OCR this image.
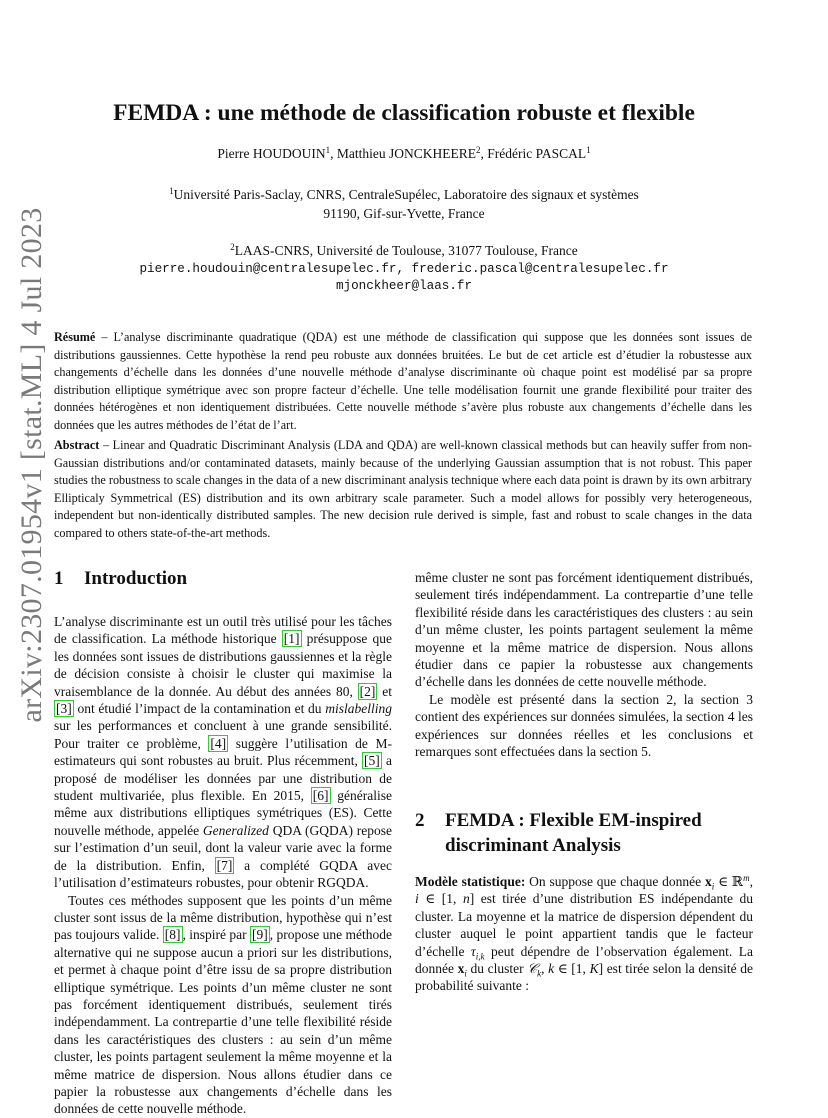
arXiv:2307.01954v1 [stat.ML] 4 Jul 2023
FEMDA : une méthode de classification robuste et flexible
Pierre HOUDOUIN$^1$, Matthieu JONCKHEERE$^2$, Frédéric PASCAL$^1$
$^1$Université Paris-Saclay, CNRS, CentraleSupélec, Laboratoire des signaux et systèmes
91190, Gif-sur-Yvette, France
$^2$LAAS-CNRS, Université de Toulouse, 31077 Toulouse, France
pierre.houdouin@centralesupelec.fr, frederic.pascal@centralesupelec.fr
mjonckheer@laas.fr
Résumé – L’analyse discriminante quadratique (QDA) est une méthode de classification qui suppose que les données sont issues de distributions gaussiennes. Cette hypothèse la rend peu robuste aux données bruitées. Le but de cet article est d’étudier la robustesse aux changements d’échelle dans les données d’une nouvelle méthode d’analyse discriminante où chaque point est modélisé par sa propre distribution elliptique symétrique avec son propre facteur d’échelle. Une telle modélisation fournit une grande flexibilité pour traiter des données hétérogènes et non identiquement distribuées. Cette nouvelle méthode s’avère plus robuste aux changements d’échelle dans les données que les autres méthodes de l’état de l’art.
Abstract – Linear and Quadratic Discriminant Analysis (LDA and QDA) are well-known classical methods but can heavily suffer from non-Gaussian distributions and/or contaminated datasets, mainly because of the underlying Gaussian assumption that is not robust. This paper studies the robustness to scale changes in the data of a new discriminant analysis technique where each data point is drawn by its own arbitrary Ellipticaly Symmetrical (ES) distribution and its own arbitrary scale parameter. Such a model allows for possibly very heterogeneous, independent but non-identically distributed samples. The new decision rule derived is simple, fast and robust to scale changes in the data compared to others state-of-the-art methods.
1 Introduction

L’analyse discriminante est un outil très utilisé pour les tâches de classification. La méthode historique [1] présuppose que les données sont issues de distributions gaussiennes et la règle de décision consiste à choisir le cluster qui maximise la vraisemblance de la donnée. Au début des années 80, [2] et [3] ont étudié l’impact de la contamination et du mislabelling sur les performances et concluent à une grande sensibilité. Pour traiter ce problème, [4] suggère l’utilisation de M-estimateurs qui sont robustes au bruit. Plus récemment, [5] a proposé de modéliser les données par une distribution de student multivariée, plus flexible. En 2015, [6] généralise même aux distributions elliptiques symétriques (ES). Cette nouvelle méthode, appelée Generalized QDA (GQDA) repose sur l’estimation d’un seuil, dont la valeur varie avec la forme de la distribution. Enfin, [7] a complété GQDA avec l’utilisation d’estimateurs robustes, pour obtenir RGQDA.

Toutes ces méthodes supposent que les points d’un même cluster sont issus de la même distribution, hypothèse qui n’est pas toujours valide. [8] , inspiré par [9] , propose une méthode alternative qui ne suppose aucun a priori sur les distributions, et permet à chaque point d’être issu de sa propre distribution elliptique symétrique. Les points d’un même cluster ne sont pas forcément identiquement distribués, seulement tirés indépendamment. La contrepartie d’une telle flexibilité réside dans les caractéristiques des clusters : au sein d’un même cluster, les points partagent seulement la même moyenne et la même matrice de dispersion. Nous allons étudier dans ce papier la robustesse aux changements d’échelle dans les données de cette nouvelle méthode.

même cluster ne sont pas forcément identiquement distribués, seulement tirés indépendamment. La contrepartie d’une telle flexibilité réside dans les caractéristiques des clusters : au sein d’un même cluster, les points partagent seulement la même moyenne et la même matrice de dispersion. Nous allons étudier dans ce papier la robustesse aux changements d’échelle dans les données de cette nouvelle méthode.

Le modèle est présenté dans la section 2, la section 3 contient des expériences sur données simulées, la section 4 les expériences sur données réelles et les conclusions et remarques sont effectuées dans la section 5.

2 FEMDA : Flexible EM-inspired
discriminant Analysis

Modèle statistique: On suppose que chaque donnée $x_i$ ∈ ℝ$^m$, i ∈ [1, n] est tirée d’une distribution ES indépendante du cluster. La moyenne et la matrice de dispersion dépendent du cluster auquel le point appartient tandis que le facteur d’échelle $\tau_{i,k}$ peut dépendre de l’observation également. La donnée $x_i$ du cluster 𝒞$_k$, k ∈ [1, K] est tirée selon la densité de probabilité suivante :
